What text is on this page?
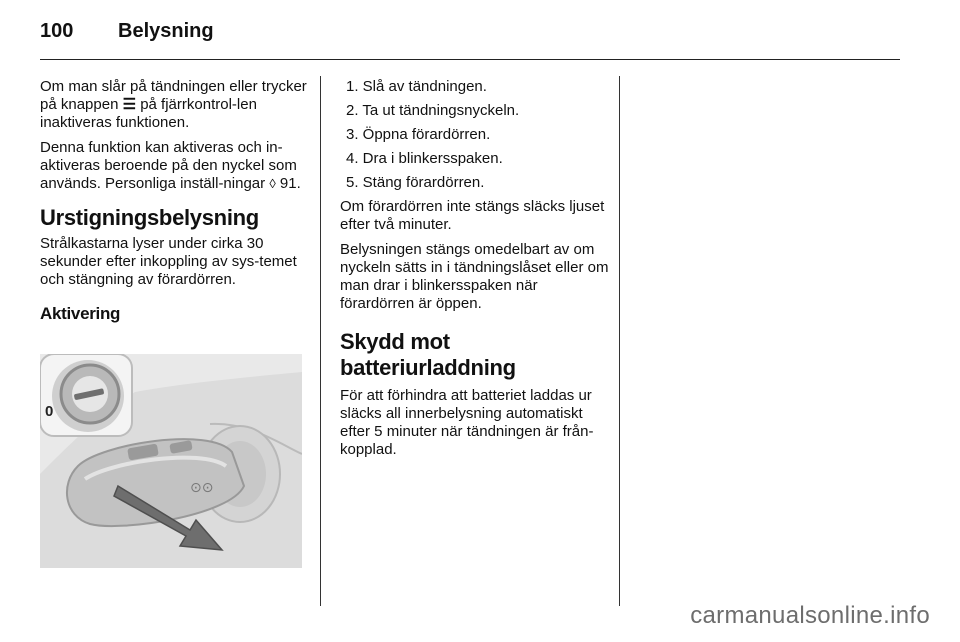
100 Belysning

Om man slår på tändningen eller trycker på knappen ☰ på fjärrkontrol-len inaktiveras funktionen.

Denna funktion kan aktiveras och in-aktiveras beroende på den nyckel som används. Personliga inställ-ningar ◊ 91.

Urstigningsbelysning

Strålkastarna lyser under cirka 30 sekunder efter inkoppling av sys-temet och stängning av förardörren.

Aktivering
0
⊙⊙
1. Slå av tändningen.
2. Ta ut tändningsnyckeln.
3. Öppna förardörren.
4. Dra i blinkersspaken.
5. Stäng förardörren.

Om förardörren inte stängs släcks ljuset efter två minuter.

Belysningen stängs omedelbart av om nyckeln sätts in i tändningslåset eller om man drar i blinkersspaken när förardörren är öppen.

Skydd mot batteriurladdning

För att förhindra att batteriet laddas ur släcks all innerbelysning automatiskt efter 5 minuter när tändningen är från-kopplad.

carmanualsonline.info
